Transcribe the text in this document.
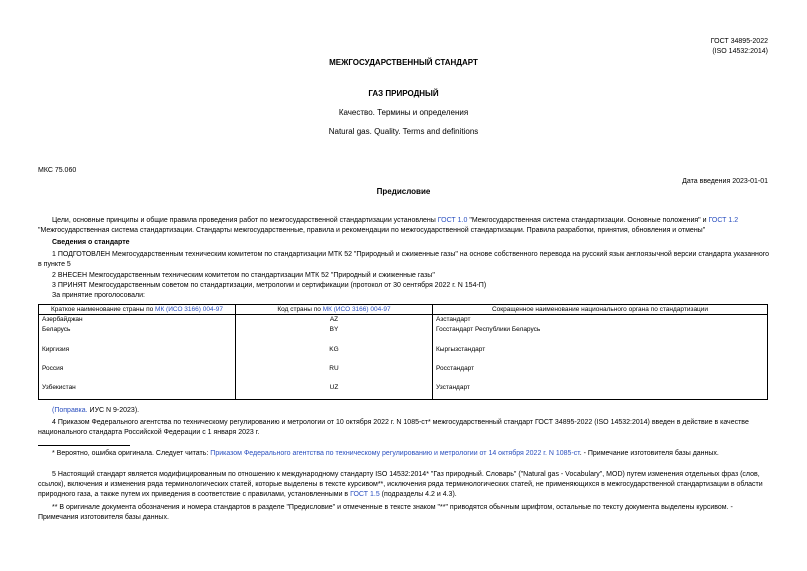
ГОСТ 34895-2022
(ISO 14532:2014)
МЕЖГОСУДАРСТВЕННЫЙ СТАНДАРТ
ГАЗ ПРИРОДНЫЙ
Качество. Термины и определения
Natural gas. Quality. Terms and definitions
МКС 75.060
Дата введения 2023-01-01
Предисловие
Цели, основные принципы и общие правила проведения работ по межгосударственной стандартизации установлены ГОСТ 1.0 "Межгосударственная система стандартизации. Основные положения" и ГОСТ 1.2 "Межгосударственная система стандартизации. Стандарты межгосударственные, правила и рекомендации по межгосударственной стандартизации. Правила разработки, принятия, обновления и отмены"
Сведения о стандарте
1 ПОДГОТОВЛЕН Межгосударственным техническим комитетом по стандартизации МТК 52 "Природный и сжиженные газы" на основе собственного перевода на русский язык англоязычной версии стандарта указанного в пункте 5
2 ВНЕСЕН Межгосударственным техническим комитетом по стандартизации МТК 52 "Природный и сжиженные газы"
3 ПРИНЯТ Межгосударственным советом по стандартизации, метрологии и сертификации (протокол от 30 сентября 2022 г. N 154-П)
За принятие проголосовали:
Краткое наименование страны по МК (ИСО 3166) 004-97	Код страны по МК (ИСО 3166) 004-97	Сокращенное наименование национального органа по стандартизации
Азербайджан	AZ	Азстандарт
Беларусь	BY	Госстандарт Республики Беларусь
Киргизия	KG	Кыргызстандарт
Россия	RU	Росстандарт
Узбекистан	UZ	Узстандарт
(Поправка. ИУС N 9-2023).
4 Приказом Федерального агентства по техническому регулированию и метрологии от 10 октября 2022 г. N 1085-ст* межгосударственный стандарт ГОСТ 34895-2022 (ISO 14532:2014) введен в действие в качестве национального стандарта Российской Федерации с 1 января 2023 г.
* Вероятно, ошибка оригинала. Следует читать: Приказом Федерального агентства по техническому регулированию и метрологии от 14 октября 2022 г. N 1085-ст. - Примечание изготовителя базы данных.
5 Настоящий стандарт является модифицированным по отношению к международному стандарту ISO 14532:2014* "Газ природный. Словарь" ("Natural gas - Vocabulary", MOD) путем изменения отдельных фраз (слов, ссылок), включения и изменения ряда терминологических статей, которые выделены в тексте курсивом**, исключения ряда терминологических статей, не применяющихся в межгосударственной стандартизации в области природного газа, а также путем их приведения в соответствие с правилами, установленными в ГОСТ 1.5 (подразделы 4.2 и 4.3).
** В оригинале документа обозначения и номера стандартов в разделе "Предисловие" и отмеченные в тексте знаком "**" приводятся обычным шрифтом, остальные по тексту документа выделены курсивом. - Примечания изготовителя базы данных.
